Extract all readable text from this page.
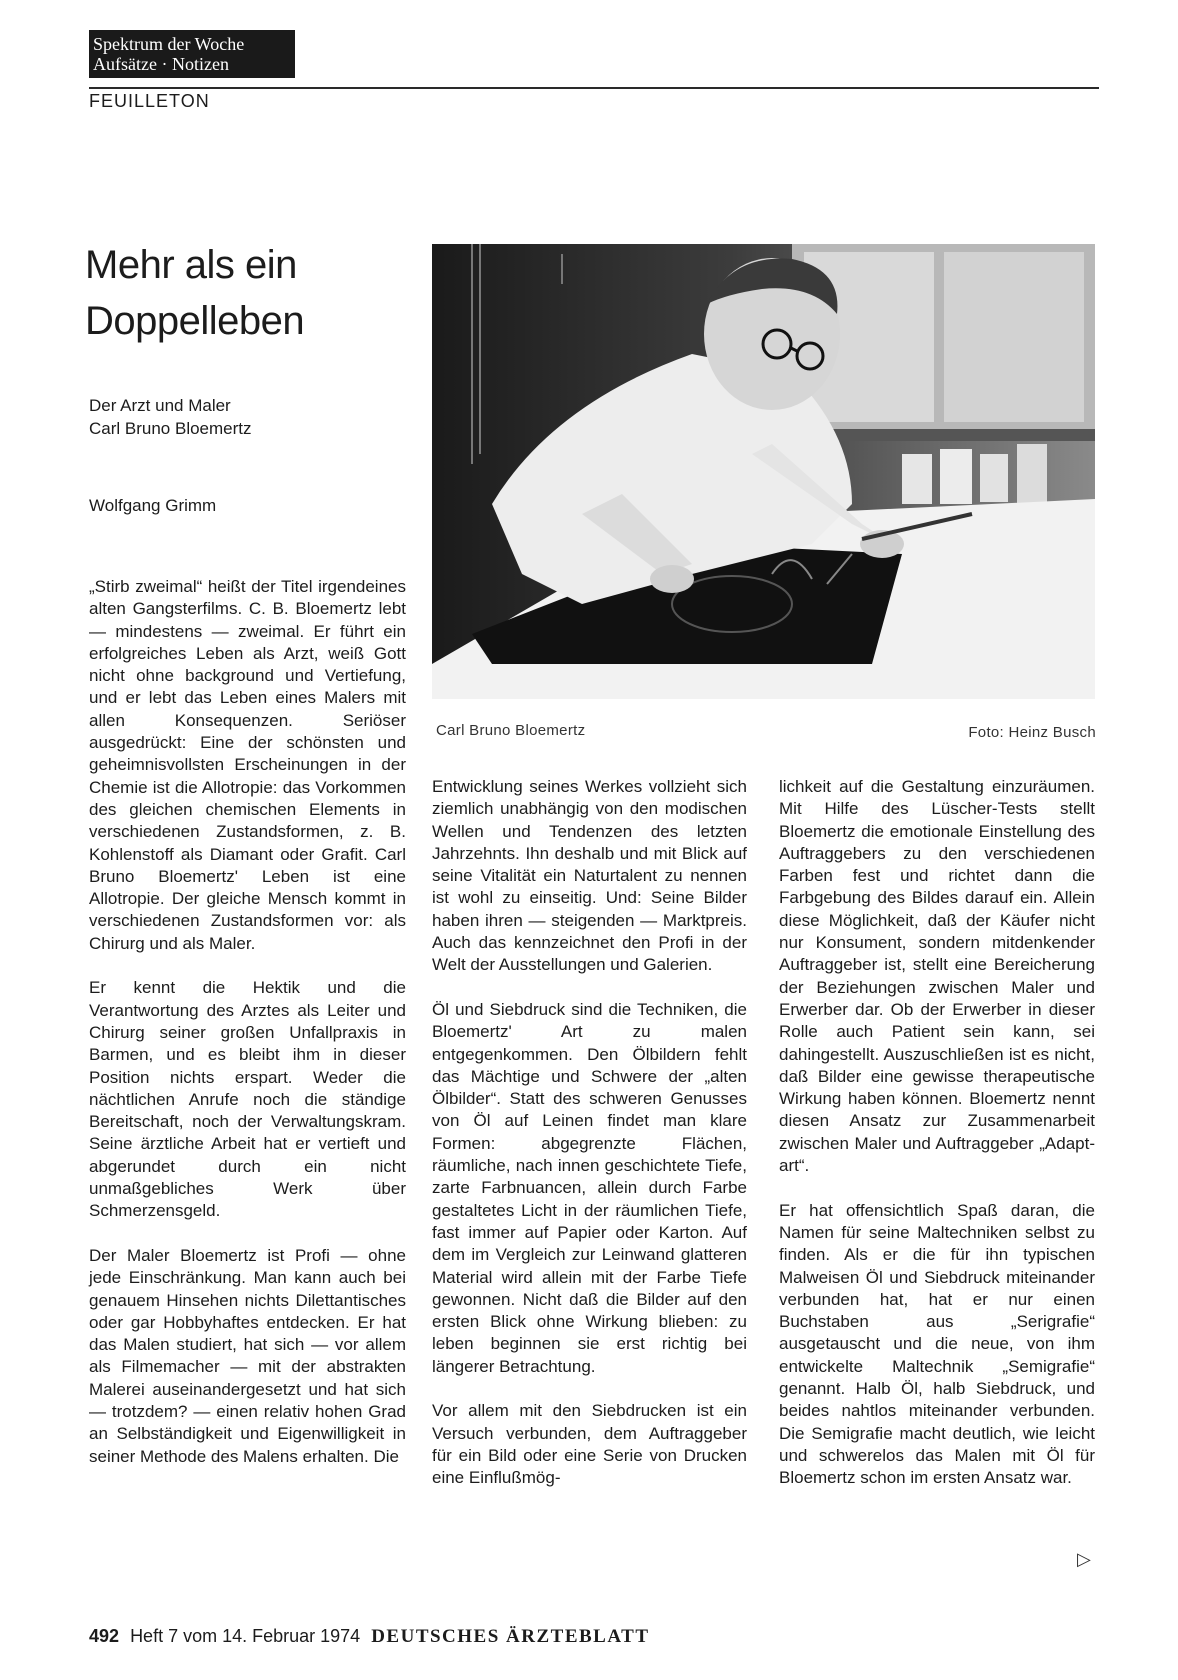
Spektrum der Woche
Aufsätze · Notizen
FEUILLETON
Mehr als ein Doppelleben
Der Arzt und Maler
Carl Bruno Bloemertz
Wolfgang Grimm
Carl Bruno Bloemertz	Foto: Heinz Busch

„Stirb zweimal“ heißt der Titel irgendeines alten Gangsterfilms. C. B. Bloemertz lebt — mindestens — zweimal. Er führt ein erfolgreiches Leben als Arzt, weiß Gott nicht ohne background und Vertiefung, und er lebt das Leben eines Malers mit allen Konsequenzen. Seriöser ausgedrückt: Eine der schönsten und geheimnisvollsten Erscheinungen in der Chemie ist die Allotropie: das Vorkommen des gleichen chemischen Elements in verschiedenen Zustandsformen, z. B. Kohlenstoff als Diamant oder Grafit. Carl Bruno Bloemertz' Leben ist eine Allotropie. Der gleiche Mensch kommt in verschiedenen Zustandsformen vor: als Chirurg und als Maler.

Er kennt die Hektik und die Verantwortung des Arztes als Leiter und Chirurg seiner großen Unfallpraxis in Barmen, und es bleibt ihm in dieser Position nichts erspart. Weder die nächtlichen Anrufe noch die ständige Bereitschaft, noch der Verwaltungskram. Seine ärztliche Arbeit hat er vertieft und abgerundet durch ein nicht unmaßgebliches Werk über Schmerzensgeld.

Der Maler Bloemertz ist Profi — ohne jede Einschränkung. Man kann auch bei genauem Hinsehen nichts Dilettantisches oder gar Hobbyhaftes entdecken. Er hat das Malen studiert, hat sich — vor allem als Filmemacher — mit der abstrakten Malerei auseinandergesetzt und hat sich — trotzdem? — einen relativ hohen Grad an Selbständigkeit und Eigenwilligkeit in seiner Methode des Malens erhalten. Die

Entwicklung seines Werkes vollzieht sich ziemlich unabhängig von den modischen Wellen und Tendenzen des letzten Jahrzehnts. Ihn deshalb und mit Blick auf seine Vitalität ein Naturtalent zu nennen ist wohl zu einseitig. Und: Seine Bilder haben ihren — steigenden — Marktpreis. Auch das kennzeichnet den Profi in der Welt der Ausstellungen und Galerien.

Öl und Siebdruck sind die Techniken, die Bloemertz' Art zu malen entgegenkommen. Den Ölbildern fehlt das Mächtige und Schwere der „alten Ölbilder“. Statt des schweren Genusses von Öl auf Leinen findet man klare Formen: abgegrenzte Flächen, räumliche, nach innen geschichtete Tiefe, zarte Farbnuancen, allein durch Farbe gestaltetes Licht in der räumlichen Tiefe, fast immer auf Papier oder Karton. Auf dem im Vergleich zur Leinwand glatteren Material wird allein mit der Farbe Tiefe gewonnen. Nicht daß die Bilder auf den ersten Blick ohne Wirkung blieben: zu leben beginnen sie erst richtig bei längerer Betrachtung.

Vor allem mit den Siebdrucken ist ein Versuch verbunden, dem Auftraggeber für ein Bild oder eine Serie von Drucken eine Einflußmög-

lichkeit auf die Gestaltung einzuräumen. Mit Hilfe des Lüscher-Tests stellt Bloemertz die emotionale Einstellung des Auftraggebers zu den verschiedenen Farben fest und richtet dann die Farbgebung des Bildes darauf ein. Allein diese Möglichkeit, daß der Käufer nicht nur Konsument, sondern mitdenkender Auftraggeber ist, stellt eine Bereicherung der Beziehungen zwischen Maler und Erwerber dar. Ob der Erwerber in dieser Rolle auch Patient sein kann, sei dahingestellt. Auszuschließen ist es nicht, daß Bilder eine gewisse therapeutische Wirkung haben können. Bloemertz nennt diesen Ansatz zur Zusammenarbeit zwischen Maler und Auftraggeber „Adapt-art“.

Er hat offensichtlich Spaß daran, die Namen für seine Maltechniken selbst zu finden. Als er die für ihn typischen Malweisen Öl und Siebdruck miteinander verbunden hat, hat er nur einen Buchstaben aus „Serigrafie“ ausgetauscht und die neue, von ihm entwickelte Maltechnik „Semigrafie“ genannt. Halb Öl, halb Siebdruck, und beides nahtlos miteinander verbunden. Die Semigrafie macht deutlich, wie leicht und schwerelos das Malen mit Öl für Bloemertz schon im ersten Ansatz war.

▷
492 Heft 7 vom 14. Februar 1974 DEUTSCHES ÄRZTEBLATT
